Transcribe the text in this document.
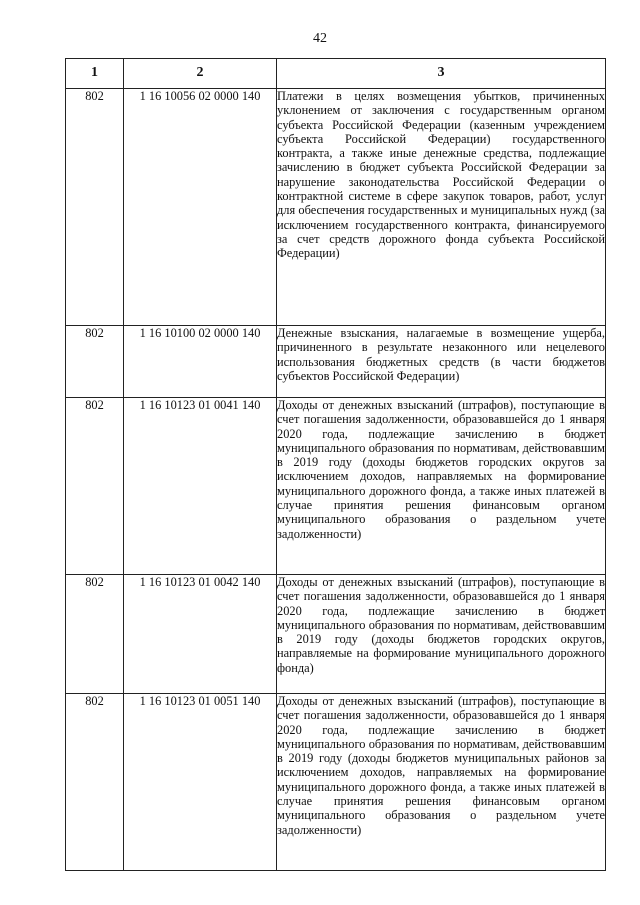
42
1	2	3
802	1 16 10056 02 0000 140	Платежи в целях возмещения убытков, причиненных уклонением от заключения с государственным органом субъекта Российской Федерации (казенным учреждением субъекта Российской Федерации) государственного контракта, а также иные денежные средства, подлежащие зачислению в бюджет субъекта Российской Федерации за нарушение законодательства Российской Федерации о контрактной системе в сфере закупок товаров, работ, услуг для обеспечения государственных и муниципальных нужд (за исключением государственного контракта, финансируемого за счет средств дорожного фонда субъекта Российской Федерации)
802	1 16 10100 02 0000 140	Денежные взыскания, налагаемые в возмещение ущерба, причиненного в результате незаконного или нецелевого использования бюджетных средств (в части бюджетов субъектов Российской Федерации)
802	1 16 10123 01 0041 140	Доходы от денежных взысканий (штрафов), поступающие в счет погашения задолженности, образовавшейся до 1 января 2020 года, подлежащие зачислению в бюджет муниципального образования по нормативам, действовавшим в 2019 году (доходы бюджетов городских округов за исключением доходов, направляемых на формирование муниципального дорожного фонда, а также иных платежей в случае принятия решения финансовым органом муниципального образования о раздельном учете задолженности)
802	1 16 10123 01 0042 140	Доходы от денежных взысканий (штрафов), поступающие в счет погашения задолженности, образовавшейся до 1 января 2020 года, подлежащие зачислению в бюджет муниципального образования по нормативам, действовавшим в 2019 году (доходы бюджетов городских округов, направляемые на формирование муниципального дорожного фонда)
802	1 16 10123 01 0051 140	Доходы от денежных взысканий (штрафов), поступающие в счет погашения задолженности, образовавшейся до 1 января 2020 года, подлежащие зачислению в бюджет муниципального образования по нормативам, действовавшим в 2019 году (доходы бюджетов муниципальных районов за исключением доходов, направляемых на формирование муниципального дорожного фонда, а также иных платежей в случае принятия решения финансовым органом муниципального образования о раздельном учете задолженности)
